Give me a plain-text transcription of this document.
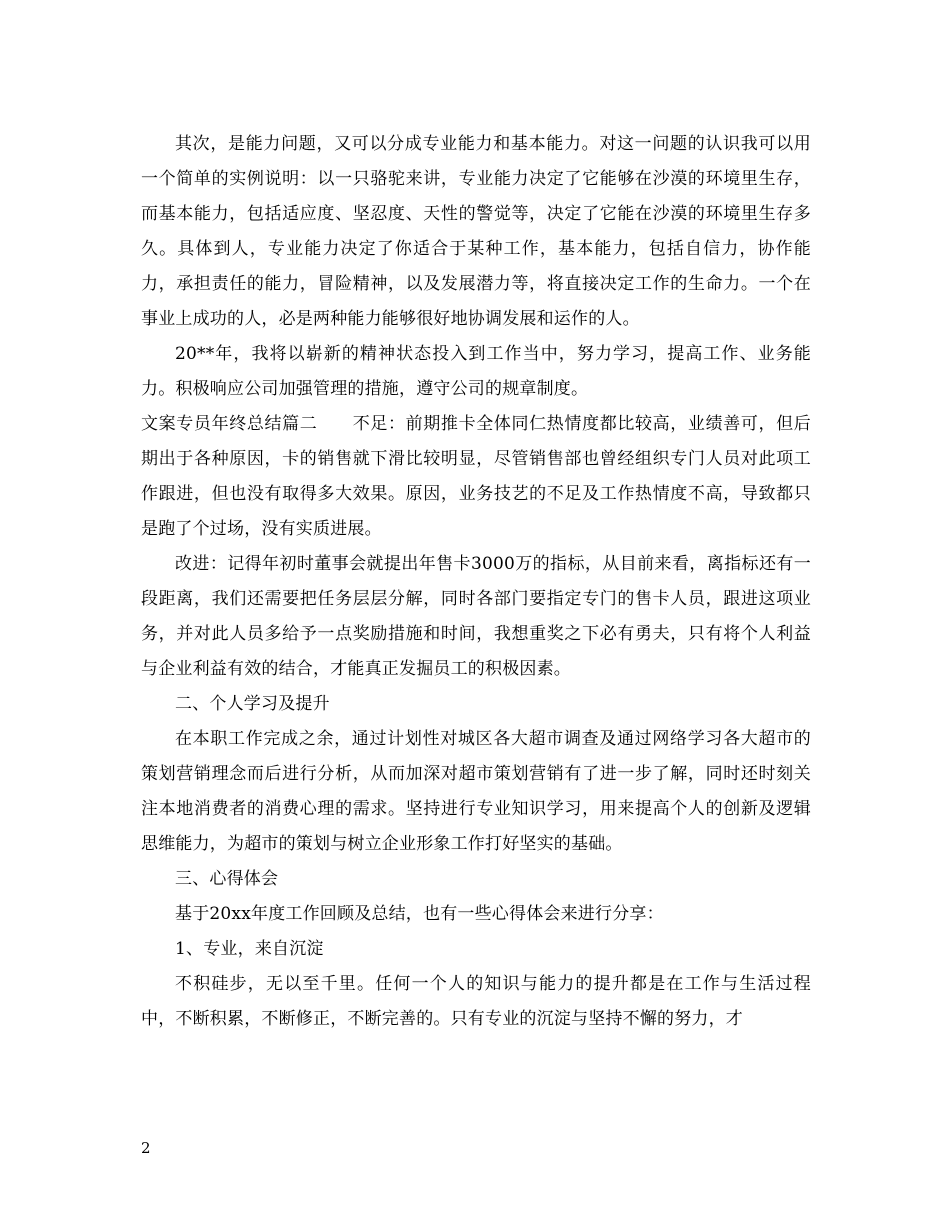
其次，是能力问题，又可以分成专业能力和基本能力。对这一问题的认识我可以用一个简单的实例说明：以一只骆驼来讲，专业能力决定了它能够在沙漠的环境里生存，而基本能力，包括适应度、坚忍度、天性的警觉等，决定了它能在沙漠的环境里生存多久。具体到人，专业能力决定了你适合于某种工作，基本能力，包括自信力，协作能力，承担责任的能力，冒险精神，以及发展潜力等，将直接决定工作的生命力。一个在事业上成功的人，必是两种能力能够很好地协调发展和运作的人。

20**年，我将以崭新的精神状态投入到工作当中，努力学习，提高工作、业务能力。积极响应公司加强管理的措施，遵守公司的规章制度。

文案专员年终总结篇二　　不足：前期推卡全体同仁热情度都比较高，业绩善可，但后期出于各种原因，卡的销售就下滑比较明显，尽管销售部也曾经组织专门人员对此项工作跟进，但也没有取得多大效果。原因，业务技艺的不足及工作热情度不高，导致都只是跑了个过场，没有实质进展。

改进：记得年初时董事会就提出年售卡3000万的指标，从目前来看，离指标还有一段距离，我们还需要把任务层层分解，同时各部门要指定专门的售卡人员，跟进这项业务，并对此人员多给予一点奖励措施和时间，我想重奖之下必有勇夫，只有将个人利益与企业利益有效的结合，才能真正发掘员工的积极因素。

二、个人学习及提升

在本职工作完成之余，通过计划性对城区各大超市调查及通过网络学习各大超市的策划营销理念而后进行分析，从而加深对超市策划营销有了进一步了解，同时还时刻关注本地消费者的消费心理的需求。坚持进行专业知识学习，用来提高个人的创新及逻辑思维能力，为超市的策划与树立企业形象工作打好坚实的基础。

三、心得体会

基于20xx年度工作回顾及总结，也有一些心得体会来进行分享：

1、专业，来自沉淀

不积硅步，无以至千里。任何一个人的知识与能力的提升都是在工作与生活过程中，不断积累，不断修正，不断完善的。只有专业的沉淀与坚持不懈的努力，才

2
